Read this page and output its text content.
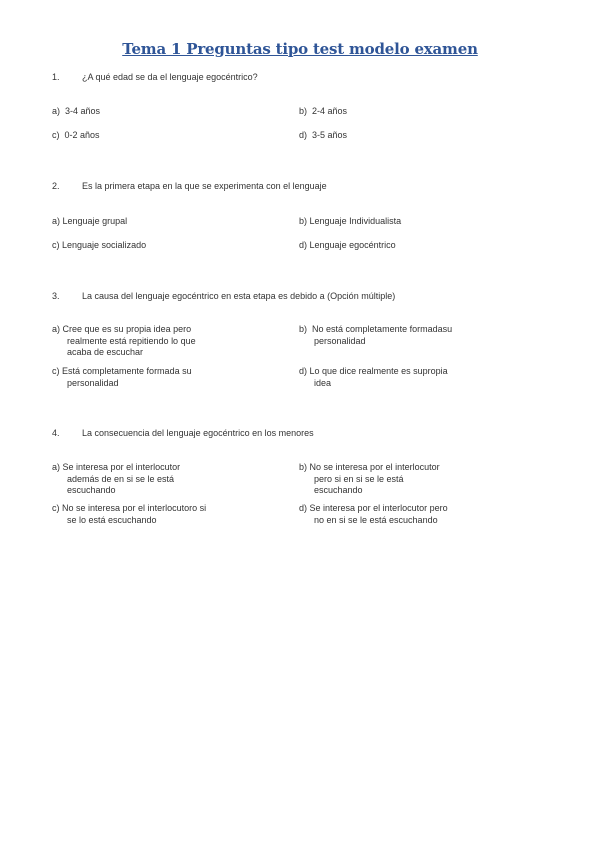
Tema 1 Preguntas tipo test modelo examen
1. ¿A qué edad se da el lenguaje egocéntrico?
a) 3-4 años	b) 2-4 años
c) 0-2 años	d) 3-5 años
2. Es la primera etapa en la que se experimenta con el lenguaje
a) Lenguaje grupal	b) Lenguaje Individualista
c) Lenguaje socializado	d) Lenguaje egocéntrico
3. La causa del lenguaje egocéntrico en esta etapa es debido a (Opción múltiple)
a) Cree que es su propia idea pero
realmente está repitiendo lo que
acaba de escuchar
b) No está completamente formadasu
personalidad
c) Está completamente formada su
personalidad
d) Lo que dice realmente es supropia
idea
4. La consecuencia del lenguaje egocéntrico en los menores
a) Se interesa por el interlocutor
además de en si se le está
escuchando
b) No se interesa por el interlocutor
pero si en si se le está
escuchando
c) No se interesa por el interlocutoro si
se lo está escuchando
d) Se interesa por el interlocutor pero
no en si se le está escuchando
